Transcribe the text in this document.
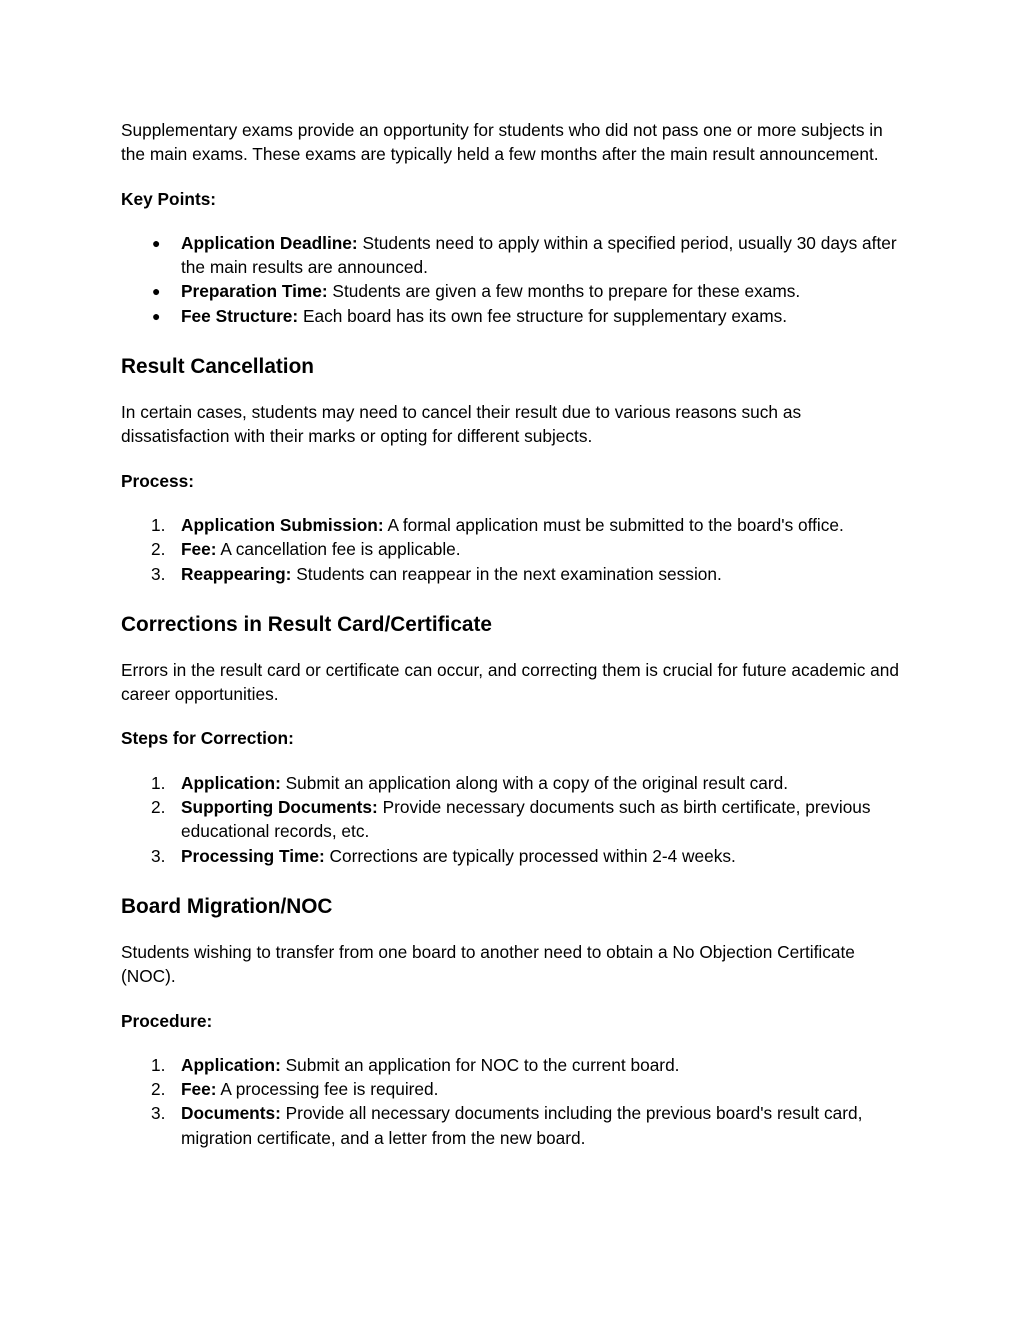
Supplementary exams provide an opportunity for students who did not pass one or more subjects in the main exams. These exams are typically held a few months after the main result announcement.

Key Points:

●	Application Deadline: Students need to apply within a specified period, usually 30 days after the main results are announced.
●	Preparation Time: Students are given a few months to prepare for these exams.
●	Fee Structure: Each board has its own fee structure for supplementary exams.
Result Cancellation

In certain cases, students may need to cancel their result due to various reasons such as dissatisfaction with their marks or opting for different subjects.

Process:

1. Application Submission: A formal application must be submitted to the board's office.
2. Fee: A cancellation fee is applicable.
3. Reappearing: Students can reappear in the next examination session.
Corrections in Result Card/Certificate

Errors in the result card or certificate can occur, and correcting them is crucial for future academic and career opportunities.

Steps for Correction:

1. Application: Submit an application along with a copy of the original result card.
2. Supporting Documents: Provide necessary documents such as birth certificate, previous educational records, etc.
3. Processing Time: Corrections are typically processed within 2-4 weeks.
Board Migration/NOC

Students wishing to transfer from one board to another need to obtain a No Objection Certificate (NOC).

Procedure:

1. Application: Submit an application for NOC to the current board.
2. Fee: A processing fee is required.
3. Documents: Provide all necessary documents including the previous board's result card, migration certificate, and a letter from the new board.
